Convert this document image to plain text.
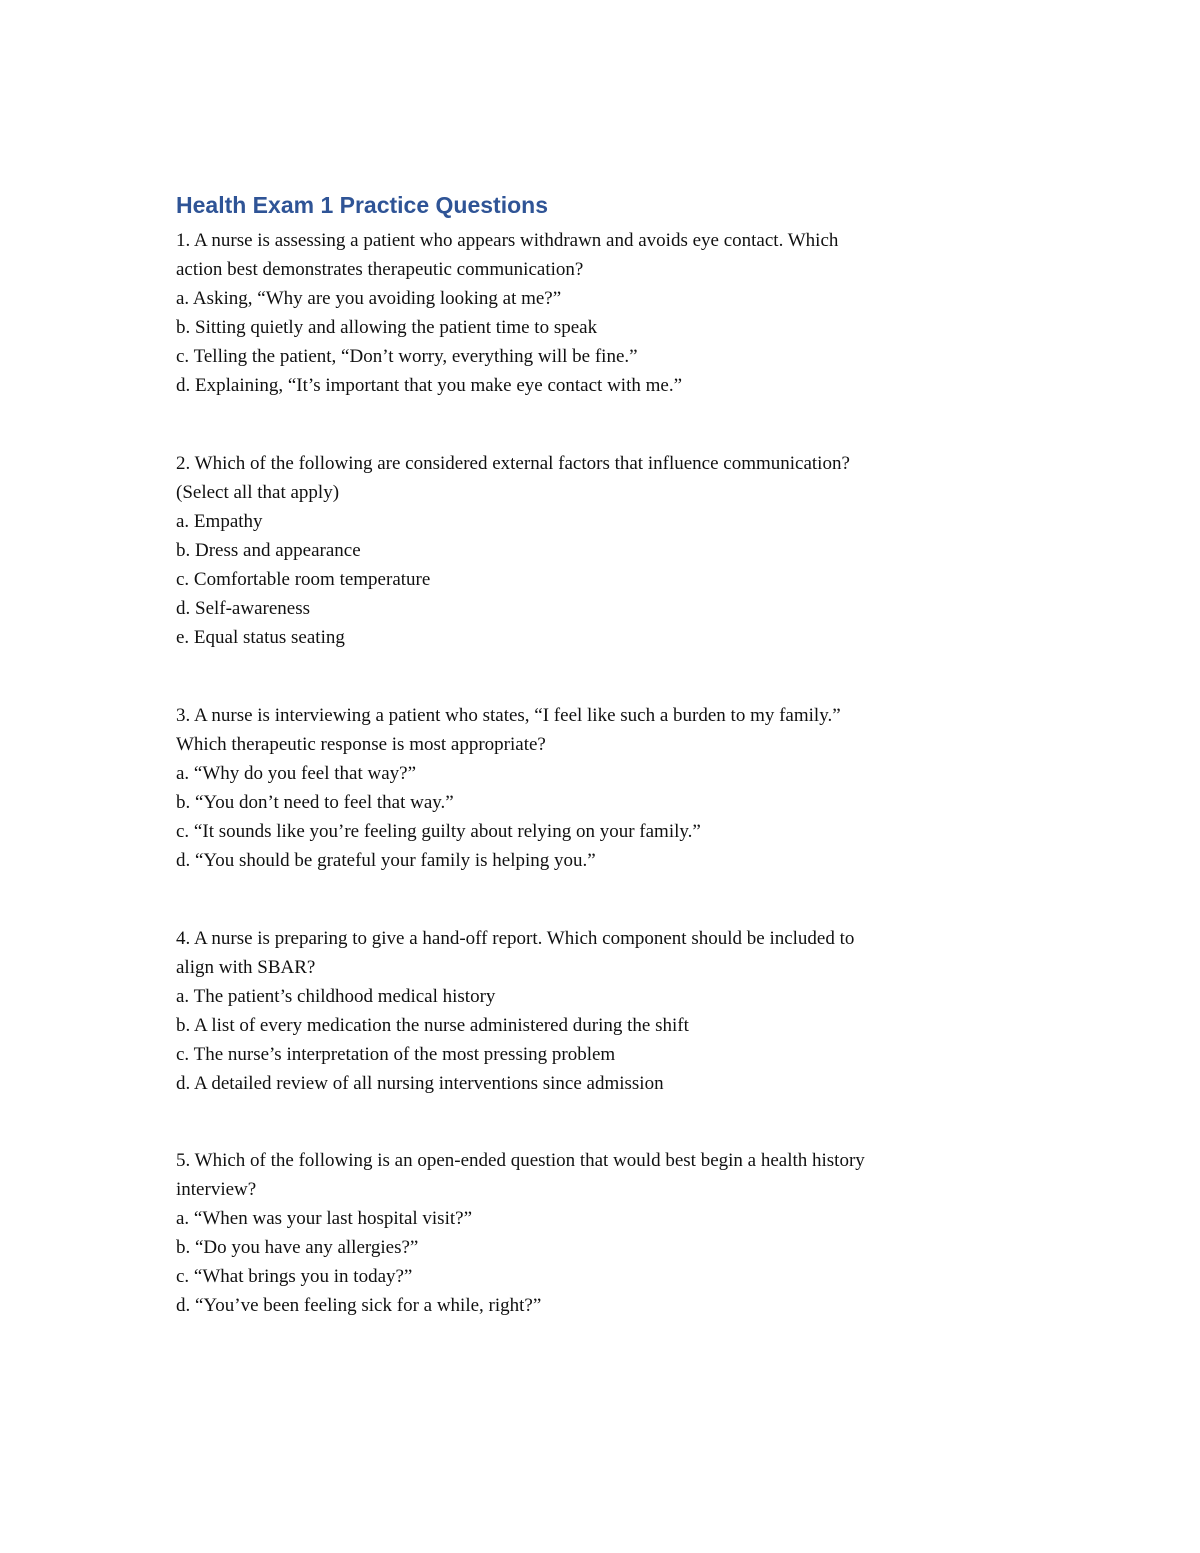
Health Exam 1 Practice Questions
1. A nurse is assessing a patient who appears withdrawn and avoids eye contact. Which
action best demonstrates therapeutic communication?
a. Asking, “Why are you avoiding looking at me?”
b. Sitting quietly and allowing the patient time to speak
c. Telling the patient, “Don’t worry, everything will be fine.”
d. Explaining, “It’s important that you make eye contact with me.”
2. Which of the following are considered external factors that influence communication?
(Select all that apply)
a. Empathy
b. Dress and appearance
c. Comfortable room temperature
d. Self-awareness
e. Equal status seating
3. A nurse is interviewing a patient who states, “I feel like such a burden to my family.”
Which therapeutic response is most appropriate?
a. “Why do you feel that way?”
b. “You don’t need to feel that way.”
c. “It sounds like you’re feeling guilty about relying on your family.”
d. “You should be grateful your family is helping you.”
4. A nurse is preparing to give a hand-off report. Which component should be included to
align with SBAR?
a. The patient’s childhood medical history
b. A list of every medication the nurse administered during the shift
c. The nurse’s interpretation of the most pressing problem
d. A detailed review of all nursing interventions since admission
5. Which of the following is an open-ended question that would best begin a health history
interview?
a. “When was your last hospital visit?”
b. “Do you have any allergies?”
c. “What brings you in today?”
d. “You’ve been feeling sick for a while, right?”
